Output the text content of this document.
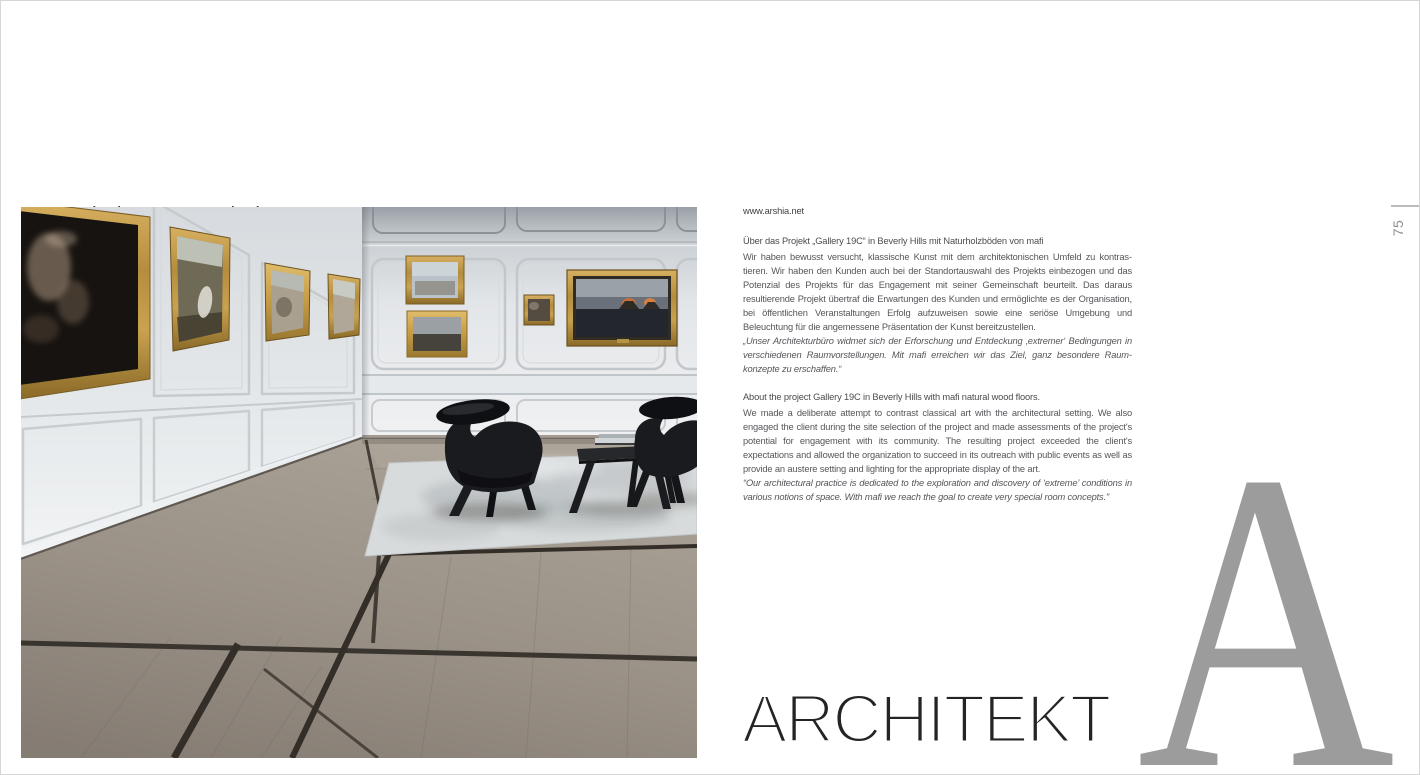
www.arshia.net

Über das Projekt „Gallery 19C“ in Beverly Hills mit Naturholzböden von mafi

Wir haben bewusst versucht, klassische Kunst mit dem architektonischen Umfeld zu kontrastieren. Wir haben den Kunden auch bei der Standortauswahl des Projekts einbezogen und das Potenzial des Projekts für das Engagement mit seiner Gemeinschaft beurteilt. Das daraus resultierende Projekt übertraf die Erwartungen des Kunden und ermöglichte es der Organisation, bei öffentlichen Veranstaltungen Erfolg aufzuweisen sowie eine seriöse Umgebung und Beleuchtung für die angemessene Präsentation der Kunst bereitzustellen.

„Unser Architekturbüro widmet sich der Erforschung und Entdeckung ‚extremer‘ Bedingungen in verschiedenen Raumvorstellungen. Mit mafi erreichen wir das Ziel, ganz besondere Raumkonzepte zu erschaffen.“

About the project Gallery 19C in Beverly Hills with mafi natural wood floors.

We made a deliberate attempt to contrast classical art with the architectural setting. We also engaged the client during the site selection of the project and made assessments of the project's potential for engagement with its community. The resulting project exceeded the client's expectations and allowed the organization to succeed in its outreach with public events as well as provide an austere setting and lighting for the appropriate display of the art.

“Our architectural practice is dedicated to the exploration and discovery of ‘extreme’ conditions in various notions of space. With mafi we reach the goal to create very special room concepts.”

ARCHITEKT A
75
